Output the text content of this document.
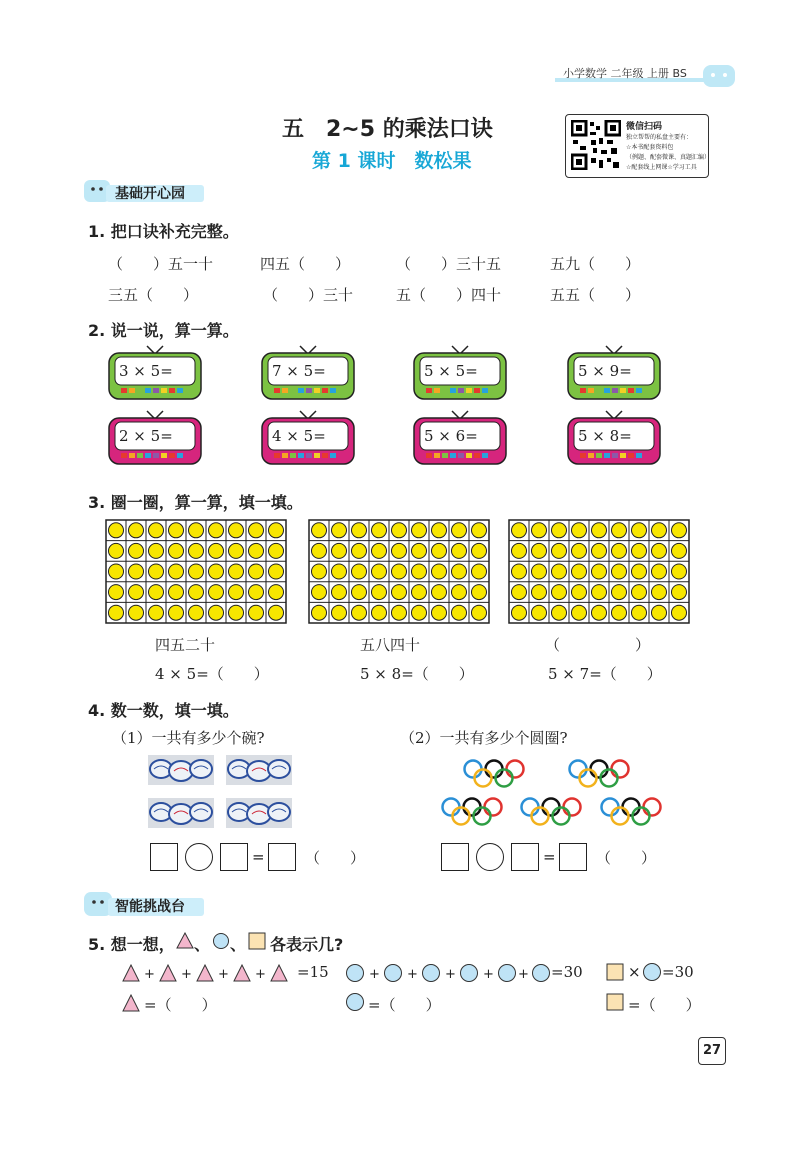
小学数学 二年级 上册 BS
五　2~5 的乘法口诀
第 1 课时　数松果
微信扫码
独立帮帮的私盘主要有：
☆本书配套资料包
（例题、配套微课、真题汇编）
☆配套线上网课☆学习工具
基础开心园
1. 把口诀补充完整。
（　　）五一十	四五（　　）	（　　）三十五	五九（　　）
三五（　　）	（　　）三十	五（　　）四十	五五（　　）
2. 说一说，算一算。
3 × 5=	7 × 5=	5 × 5=	5 × 9=
2 × 5=	4 × 5=	5 × 6=	5 × 8=
3. 圈一圈，算一算，填一填。
四五二十	五八四十	（　　　　　）
4 × 5=（　　）	5 × 8=（　　）	5 × 7=（　　）
4. 数一数，填一填。
（1）一共有多少个碗?	（2）一共有多少个圆圈?
=	（　　）	=	（　　）
智能挑战台
5. 想一想， 、 、 各表示几?
+ + + + =15	+ + + + + =30	× =30
=（　　）	=（　　）	=（　　）
27
